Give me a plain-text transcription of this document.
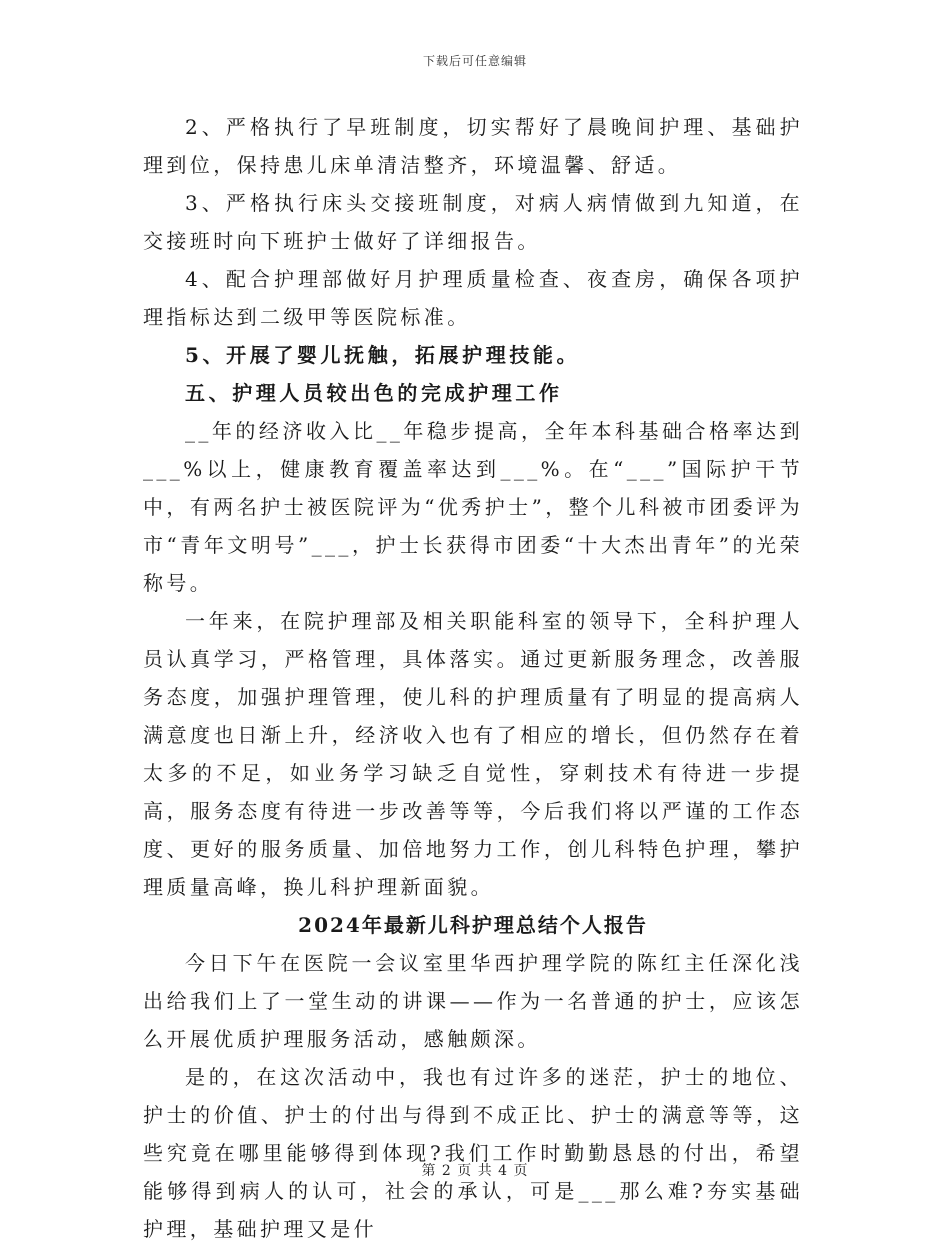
下载后可任意编辑

2、严格执行了早班制度，切实帮好了晨晚间护理、基础护理到位，保持患儿床单清洁整齐，环境温馨、舒适。

3、严格执行床头交接班制度，对病人病情做到九知道，在交接班时向下班护士做好了详细报告。

4、配合护理部做好月护理质量检查、夜查房，确保各项护理指标达到二级甲等医院标准。

5、开展了婴儿抚触，拓展护理技能。

五、护理人员较出色的完成护理工作

__年的经济收入比__年稳步提高，全年本科基础合格率达到___%以上，健康教育覆盖率达到___%。在“___”国际护干节中，有两名护士被医院评为“优秀护士”，整个儿科被市团委评为市“青年文明号”___，护士长获得市团委“十大杰出青年”的光荣称号。

一年来，在院护理部及相关职能科室的领导下，全科护理人员认真学习，严格管理，具体落实。通过更新服务理念，改善服务态度，加强护理管理，使儿科的护理质量有了明显的提高病人满意度也日渐上升，经济收入也有了相应的增长，但仍然存在着太多的不足，如业务学习缺乏自觉性，穿刺技术有待进一步提高，服务态度有待进一步改善等等，今后我们将以严谨的工作态度、更好的服务质量、加倍地努力工作，创儿科特色护理，攀护理质量高峰，换儿科护理新面貌。

2024年最新儿科护理总结个人报告

今日下午在医院一会议室里华西护理学院的陈红主任深化浅出给我们上了一堂生动的讲课——作为一名普通的护士，应该怎么开展优质护理服务活动，感触颇深。

是的，在这次活动中，我也有过许多的迷茫，护士的地位、护士的价值、护士的付出与得到不成正比、护士的满意等等，这些究竟在哪里能够得到体现?我们工作时勤勤恳恳的付出，希望能够得到病人的认可，社会的承认，可是___那么难?夯实基础护理，基础护理又是什

第 2 页 共 4 页
